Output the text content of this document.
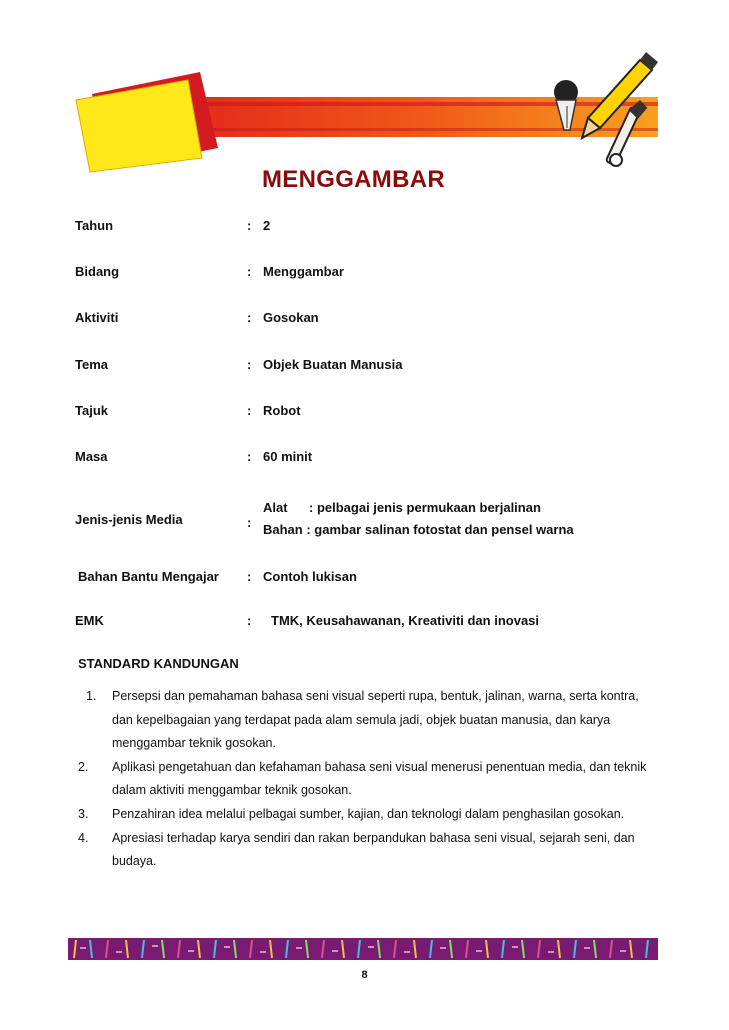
MENGGAMBAR
Tahun	: 2
Bidang	: Menggambar
Aktiviti	: Gosokan
Tema	: Objek Buatan Manusia
Tajuk	: Robot
Masa	: 60 minit
Jenis-jenis Media	:
Alat : pelbagai jenis permukaan berjalinan
Bahan : gambar salinan fotostat dan pensel warna
Bahan Bantu Mengajar : Contoh lukisan
EMK	: TMK, Keusahawanan, Kreativiti dan inovasi
STANDARD KANDUNGAN
1. Persepsi dan pemahaman bahasa seni visual seperti rupa, bentuk, jalinan, warna, serta kontra, dan kepelbagaian yang terdapat pada alam semula jadi, objek buatan manusia, dan karya menggambar teknik gosokan.
2. Aplikasi pengetahuan dan kefahaman bahasa seni visual menerusi penentuan media, dan teknik dalam aktiviti menggambar teknik gosokan.
3. Penzahiran idea melalui pelbagai sumber, kajian, dan teknologi dalam penghasilan gosokan.
4. Apresiasi terhadap karya sendiri dan rakan berpandukan bahasa seni visual, sejarah seni, dan budaya.
8
